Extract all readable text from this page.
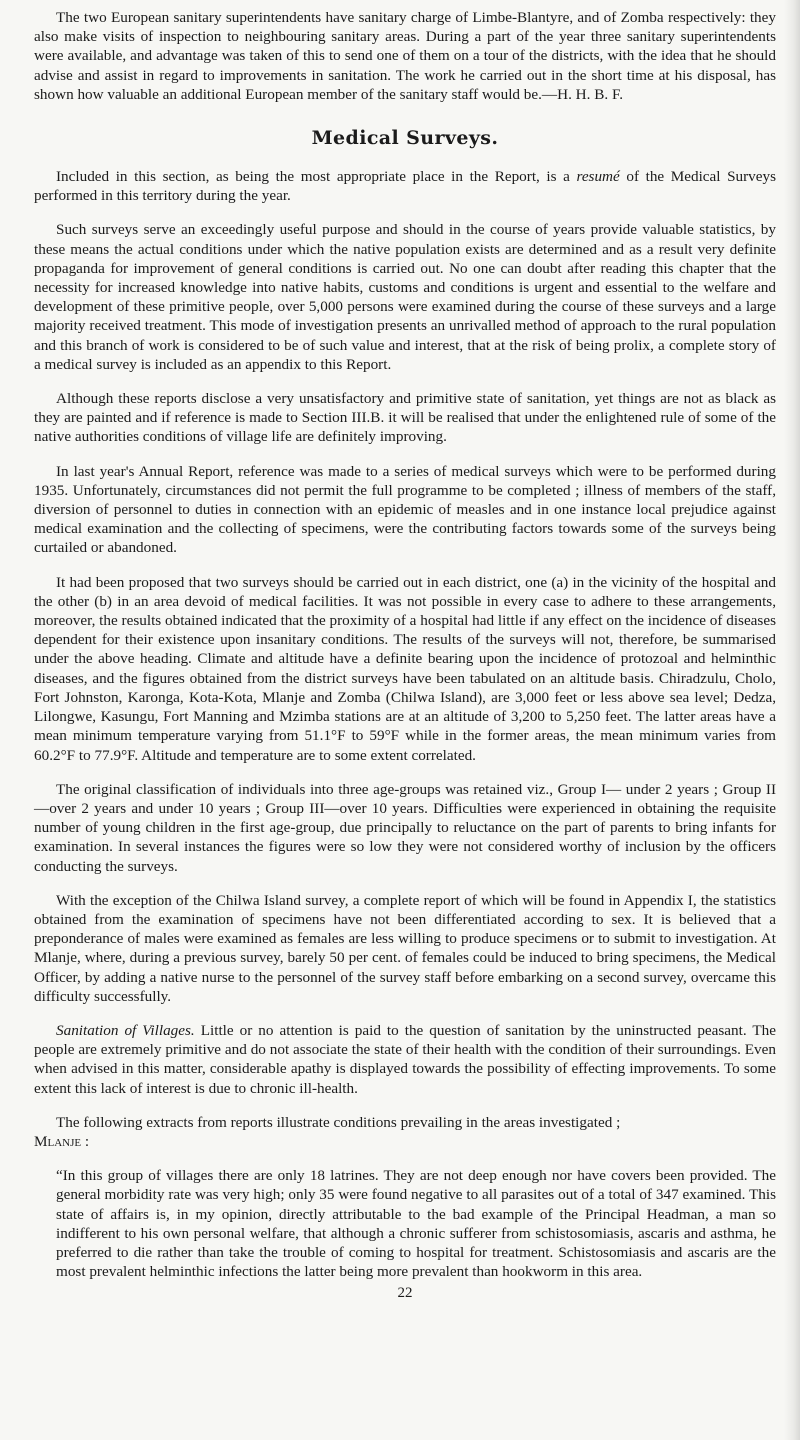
The two European sanitary superintendents have sanitary charge of Limbe-Blantyre, and of Zomba respectively: they also make visits of inspection to neighbouring sanitary areas. During a part of the year three sanitary superintendents were available, and advantage was taken of this to send one of them on a tour of the districts, with the idea that he should advise and assist in regard to improvements in sanitation. The work he carried out in the short time at his disposal, has shown how valuable an additional European member of the sanitary staff would be.—H. H. B. F.

Medical Surveys.

Included in this section, as being the most appropriate place in the Report, is a resumé of the Medical Surveys performed in this territory during the year.

Such surveys serve an exceedingly useful purpose and should in the course of years provide valuable statistics, by these means the actual conditions under which the native population exists are determined and as a result very definite propaganda for improvement of general conditions is carried out. No one can doubt after reading this chapter that the necessity for increased knowledge into native habits, customs and conditions is urgent and essential to the welfare and development of these primitive people, over 5,000 persons were examined during the course of these surveys and a large majority received treatment. This mode of investigation presents an unrivalled method of approach to the rural population and this branch of work is considered to be of such value and interest, that at the risk of being prolix, a complete story of a medical survey is included as an appendix to this Report.

Although these reports disclose a very unsatisfactory and primitive state of sanitation, yet things are not as black as they are painted and if reference is made to Section III.B. it will be realised that under the enlightened rule of some of the native authorities conditions of village life are definitely improving.

In last year's Annual Report, reference was made to a series of medical surveys which were to be performed during 1935. Unfortunately, circumstances did not permit the full programme to be completed ; illness of members of the staff, diversion of personnel to duties in connection with an epidemic of measles and in one instance local prejudice against medical examination and the collecting of specimens, were the contributing factors towards some of the surveys being curtailed or abandoned.

It had been proposed that two surveys should be carried out in each district, one (a) in the vicinity of the hospital and the other (b) in an area devoid of medical facilities. It was not possible in every case to adhere to these arrangements, moreover, the results obtained indicated that the proximity of a hospital had little if any effect on the incidence of diseases dependent for their existence upon insanitary conditions. The results of the surveys will not, therefore, be summarised under the above heading. Climate and altitude have a definite bearing upon the incidence of protozoal and helminthic diseases, and the figures obtained from the district surveys have been tabulated on an altitude basis. Chiradzulu, Cholo, Fort Johnston, Karonga, Kota-Kota, Mlanje and Zomba (Chilwa Island), are 3,000 feet or less above sea level; Dedza, Lilongwe, Kasungu, Fort Manning and Mzimba stations are at an altitude of 3,200 to 5,250 feet. The latter areas have a mean minimum temperature varying from 51.1°F to 59°F while in the former areas, the mean minimum varies from 60.2°F to 77.9°F. Altitude and temperature are to some extent correlated.

The original classification of individuals into three age-groups was retained viz., Group I— under 2 years ; Group II—over 2 years and under 10 years ; Group III—over 10 years. Difficulties were experienced in obtaining the requisite number of young children in the first age-group, due principally to reluctance on the part of parents to bring infants for examination. In several instances the figures were so low they were not considered worthy of inclusion by the officers conducting the surveys.

With the exception of the Chilwa Island survey, a complete report of which will be found in Appendix I, the statistics obtained from the examination of specimens have not been differentiated according to sex. It is believed that a preponderance of males were examined as females are less willing to produce specimens or to submit to investigation. At Mlanje, where, during a previous survey, barely 50 per cent. of females could be induced to bring specimens, the Medical Officer, by adding a native nurse to the personnel of the survey staff before embarking on a second survey, overcame this difficulty successfully.

Sanitation of Villages. Little or no attention is paid to the question of sanitation by the uninstructed peasant. The people are extremely primitive and do not associate the state of their health with the condition of their surroundings. Even when advised in this matter, considerable apathy is displayed towards the possibility of effecting improvements. To some extent this lack of interest is due to chronic ill-health.

The following extracts from reports illustrate conditions prevailing in the areas investigated ;

Mlanje :

“In this group of villages there are only 18 latrines. They are not deep enough nor have covers been provided. The general morbidity rate was very high; only 35 were found negative to all parasites out of a total of 347 examined. This state of affairs is, in my opinion, directly attributable to the bad example of the Principal Headman, a man so indifferent to his own personal welfare, that although a chronic sufferer from schistosomiasis, ascaris and asthma, he preferred to die rather than take the trouble of coming to hospital for treatment. Schistosomiasis and ascaris are the most prevalent helminthic infections the latter being more prevalent than hookworm in this area.

22
